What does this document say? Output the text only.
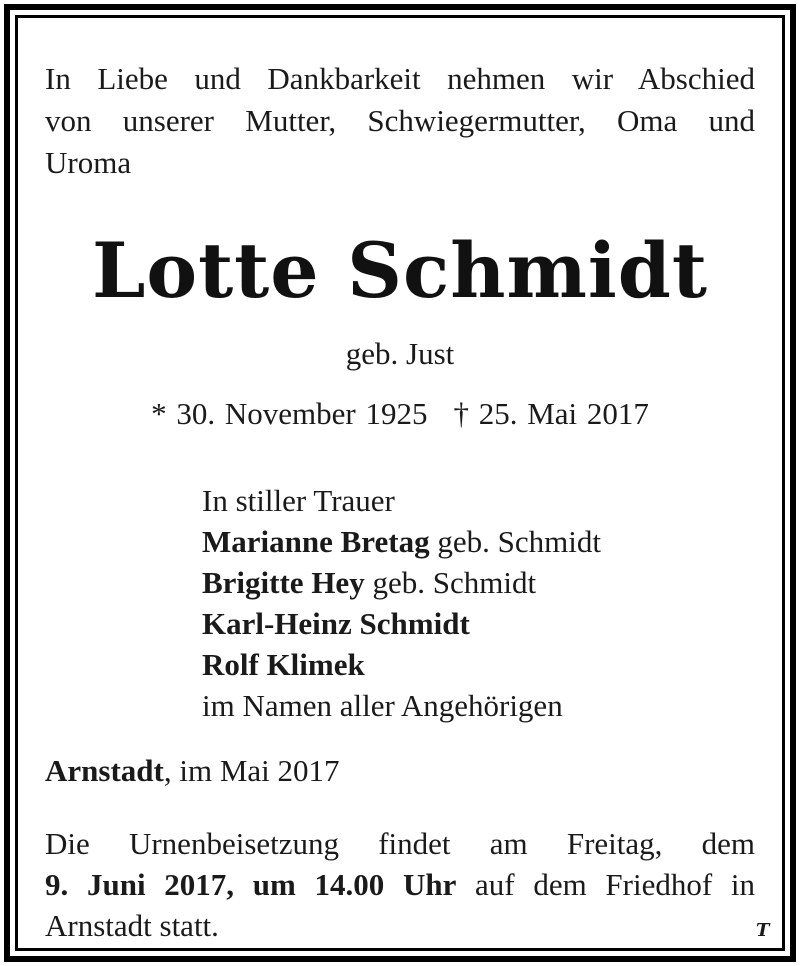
In Liebe und Dankbarkeit nehmen wir Abschied
von unserer Mutter, Schwiegermutter, Oma und
Uroma
Lotte Schmidt
geb. Just
* 30. November 1925 † 25. Mai 2017
In stiller Trauer
Marianne Bretag geb. Schmidt
Brigitte Hey geb. Schmidt
Karl-Heinz Schmidt
Rolf Klimek
im Namen aller Angehörigen
Arnstadt, im Mai 2017
Die Urnenbeisetzung findet am Freitag, dem
9. Juni 2017, um 14.00 Uhr auf dem Friedhof in
Arnstadt statt.	T
